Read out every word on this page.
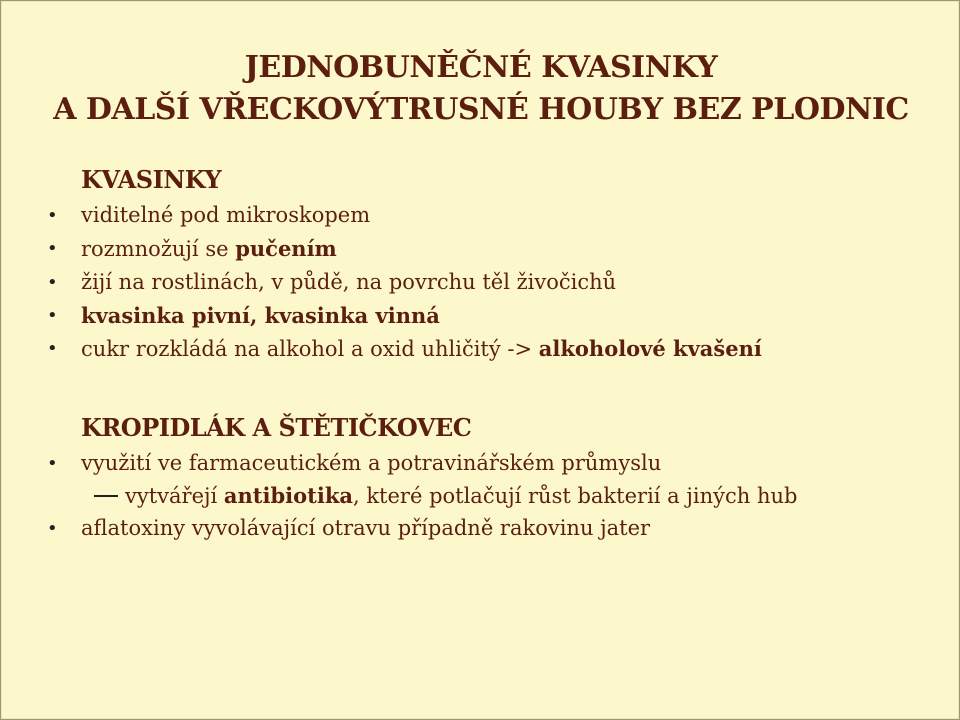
JEDNOBUNĚČNÉ KVASINKY
A DALŠÍ VŘECKOVÝTRUSNÉ HOUBY BEZ PLODNIC
KVASINKY
• viditelné pod mikroskopem
• rozmnožují se pučením
• žijí na rostlinách, v půdě, na povrchu těl živočichů
• kvasinka pivní, kvasinka vinná
• cukr rozkládá na alkohol a oxid uhličitý -> alkoholové kvašení
KROPIDLÁK A ŠTĚTIČKOVEC
• využití ve farmaceutickém a potravinářském průmyslu
vytvářejí antibiotika, které potlačují růst bakterií a jiných hub
• aflatoxiny vyvolávající otravu případně rakovinu jater
